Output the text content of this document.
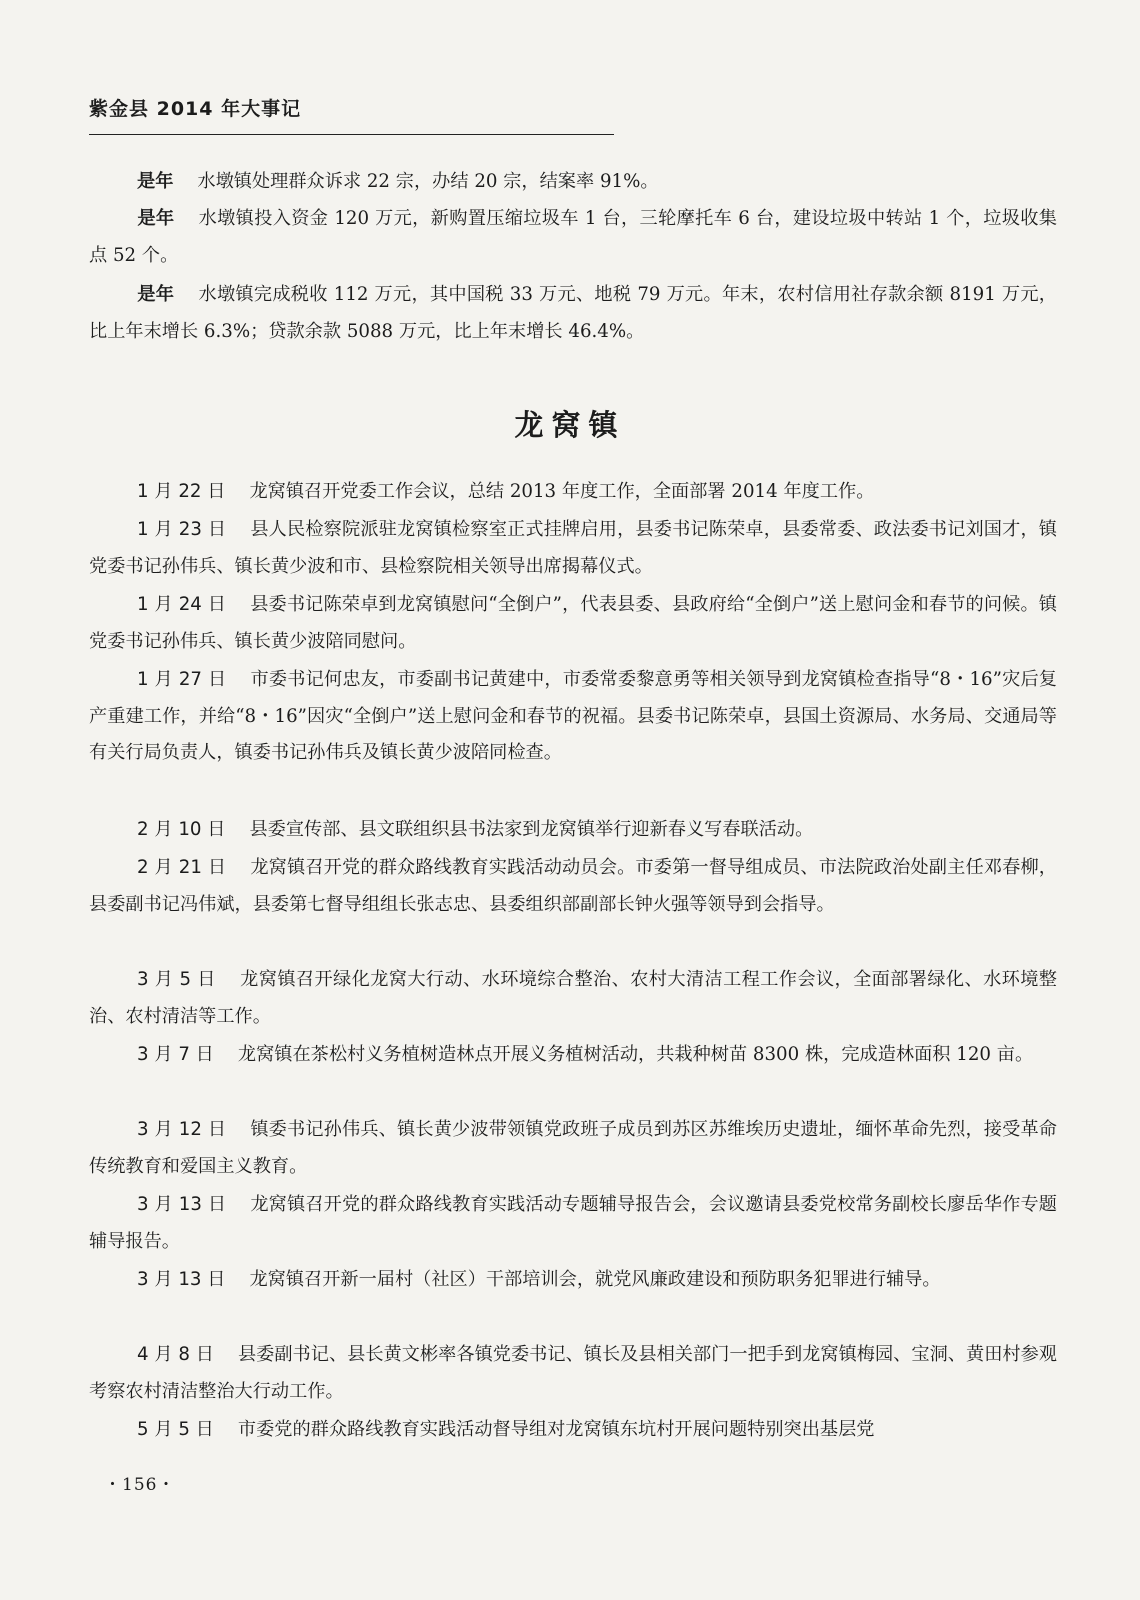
紫金县 2014 年大事记

是年 水墩镇处理群众诉求 22 宗，办结 20 宗，结案率 91%。

是年 水墩镇投入资金 120 万元，新购置压缩垃圾车 1 台，三轮摩托车 6 台，建设垃圾中转站 1 个，垃圾收集点 52 个。

是年 水墩镇完成税收 112 万元，其中国税 33 万元、地税 79 万元。年末，农村信用社存款余额 8191 万元，比上年末增长 6.3%；贷款余款 5088 万元，比上年末增长 46.4%。

龙窝镇

1 月 22 日 龙窝镇召开党委工作会议，总结 2013 年度工作，全面部署 2014 年度工作。

1 月 23 日 县人民检察院派驻龙窝镇检察室正式挂牌启用，县委书记陈荣卓，县委常委、政法委书记刘国才，镇党委书记孙伟兵、镇长黄少波和市、县检察院相关领导出席揭幕仪式。

1 月 24 日 县委书记陈荣卓到龙窝镇慰问“全倒户”，代表县委、县政府给“全倒户”送上慰问金和春节的问候。镇党委书记孙伟兵、镇长黄少波陪同慰问。

1 月 27 日 市委书记何忠友，市委副书记黄建中，市委常委黎意勇等相关领导到龙窝镇检查指导“8・16”灾后复产重建工作，并给“8・16”因灾“全倒户”送上慰问金和春节的祝福。县委书记陈荣卓，县国土资源局、水务局、交通局等有关行局负责人，镇委书记孙伟兵及镇长黄少波陪同检查。

2 月 10 日 县委宣传部、县文联组织县书法家到龙窝镇举行迎新春义写春联活动。

2 月 21 日 龙窝镇召开党的群众路线教育实践活动动员会。市委第一督导组成员、市法院政治处副主任邓春柳，县委副书记冯伟斌，县委第七督导组组长张志忠、县委组织部副部长钟火强等领导到会指导。

3 月 5 日 龙窝镇召开绿化龙窝大行动、水环境综合整治、农村大清洁工程工作会议，全面部署绿化、水环境整治、农村清洁等工作。

3 月 7 日 龙窝镇在茶松村义务植树造林点开展义务植树活动，共栽种树苗 8300 株，完成造林面积 120 亩。

3 月 12 日 镇委书记孙伟兵、镇长黄少波带领镇党政班子成员到苏区苏维埃历史遗址，缅怀革命先烈，接受革命传统教育和爱国主义教育。

3 月 13 日 龙窝镇召开党的群众路线教育实践活动专题辅导报告会，会议邀请县委党校常务副校长廖岳华作专题辅导报告。

3 月 13 日 龙窝镇召开新一届村（社区）干部培训会，就党风廉政建设和预防职务犯罪进行辅导。

4 月 8 日 县委副书记、县长黄文彬率各镇党委书记、镇长及县相关部门一把手到龙窝镇梅园、宝洞、黄田村参观考察农村清洁整治大行动工作。

5 月 5 日 市委党的群众路线教育实践活动督导组对龙窝镇东坑村开展问题特别突出基层党

・156・
